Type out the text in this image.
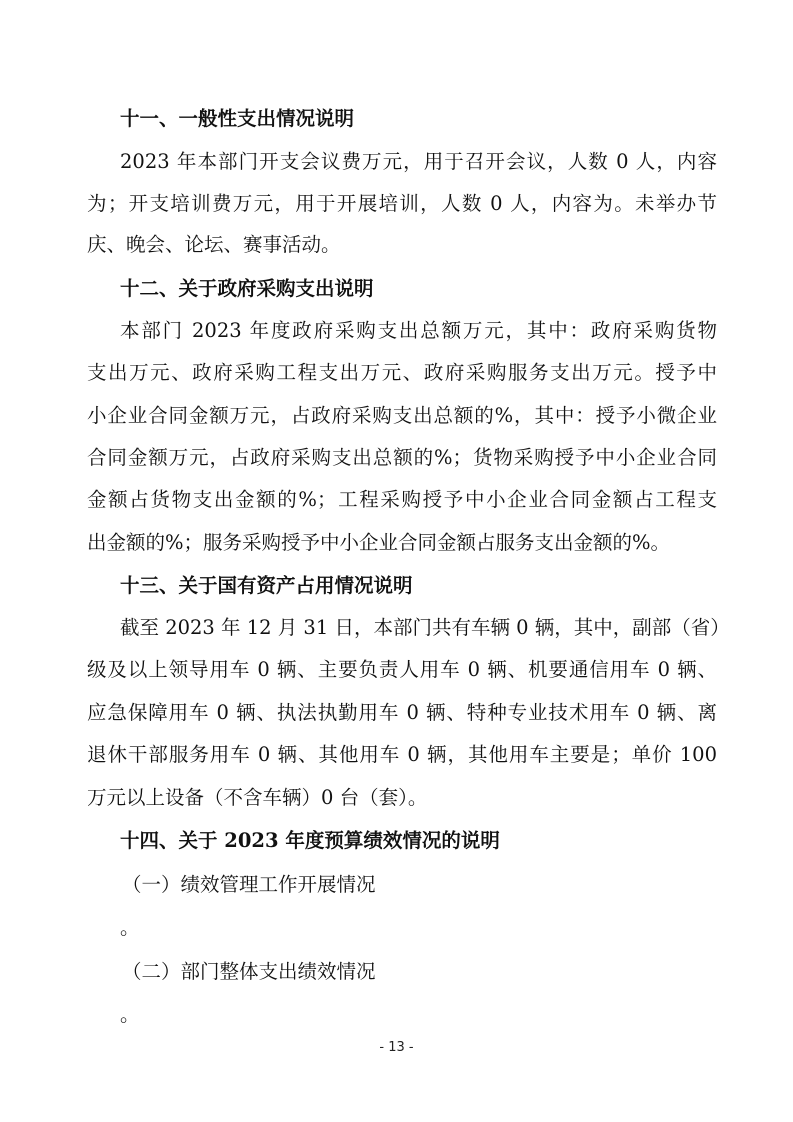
十一、一般性支出情况说明
2023 年本部门开支会议费万元，用于召开会议，人数 0 人，内容
为；开支培训费万元，用于开展培训，人数 0 人，内容为。未举办节
庆、晚会、论坛、赛事活动。
十二、关于政府采购支出说明
本部门 2023 年度政府采购支出总额万元，其中：政府采购货物
支出万元、政府采购工程支出万元、政府采购服务支出万元。授予中
小企业合同金额万元，占政府采购支出总额的%，其中：授予小微企业
合同金额万元，占政府采购支出总额的%；货物采购授予中小企业合同
金额占货物支出金额的%；工程采购授予中小企业合同金额占工程支
出金额的%；服务采购授予中小企业合同金额占服务支出金额的%。
十三、关于国有资产占用情况说明
截至 2023 年 12 月 31 日，本部门共有车辆 0 辆，其中，副部（省）
级及以上领导用车 0 辆、主要负责人用车 0 辆、机要通信用车 0 辆、
应急保障用车 0 辆、执法执勤用车 0 辆、特种专业技术用车 0 辆、离
退休干部服务用车 0 辆、其他用车 0 辆，其他用车主要是；单价 100
万元以上设备（不含车辆）0 台（套）。
十四、关于 2023 年度预算绩效情况的说明
（一）绩效管理工作开展情况
。
（二）部门整体支出绩效情况
。
- 13 -
